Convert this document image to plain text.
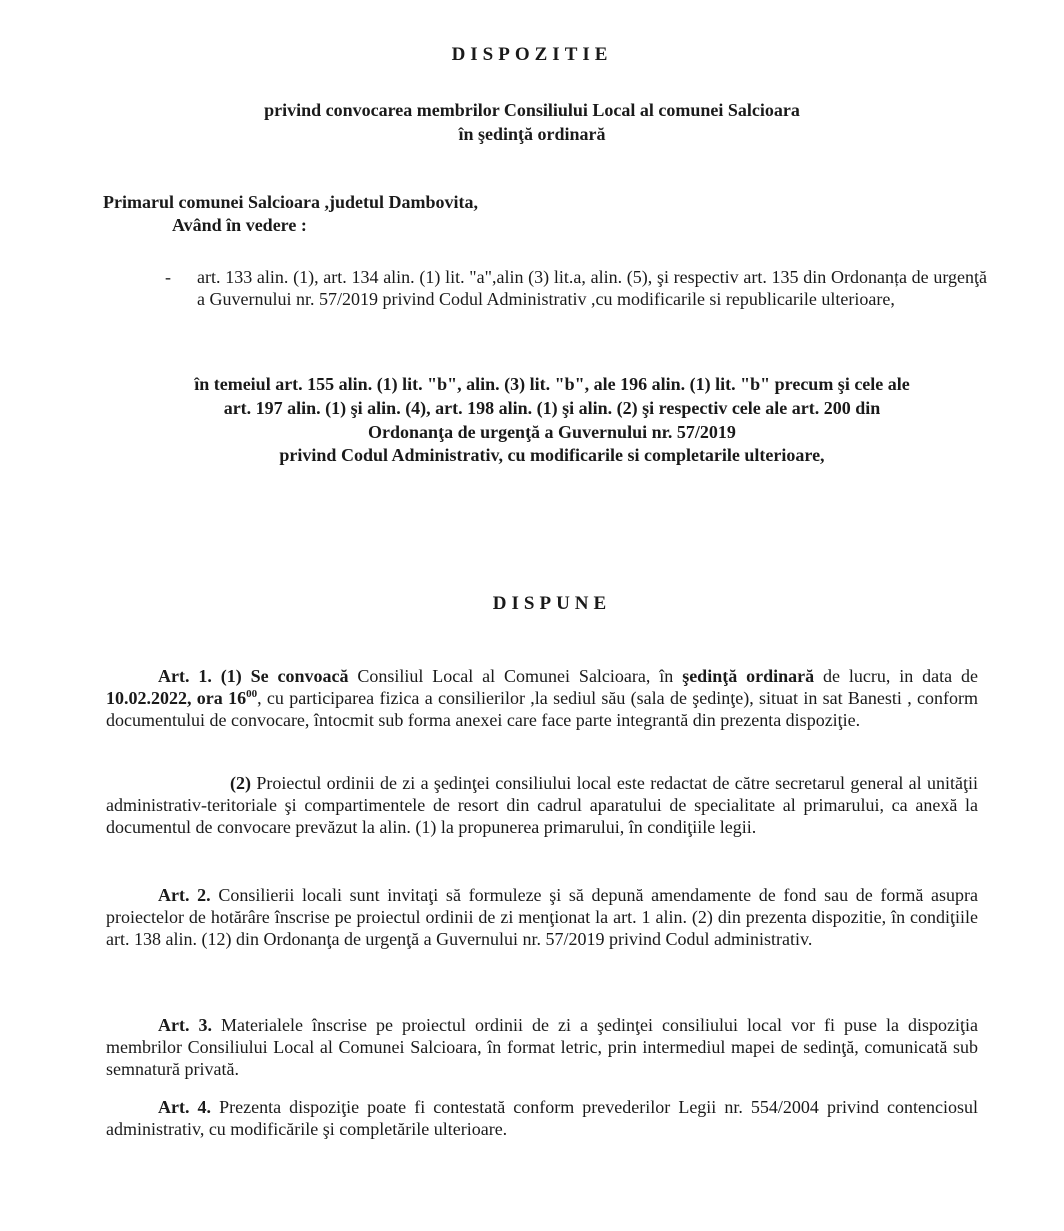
DISPOZITIE
privind convocarea membrilor Consiliului Local al comunei Salcioara
în şedinţă ordinară
Primarul comunei Salcioara ,judetul Dambovita,
Având în vedere :
- art. 133 alin. (1), art. 134 alin. (1) lit. "a",alin (3) lit.a, alin. (5), şi respectiv art. 135 din Ordonanța de urgenţă a Guvernului nr. 57/2019 privind Codul Administrativ ,cu modificarile si republicarile ulterioare,
în temeiul art. 155 alin. (1) lit. "b", alin. (3) lit. "b", ale 196 alin. (1) lit. "b" precum şi cele ale
art. 197 alin. (1) şi alin. (4), art. 198 alin. (1) şi alin. (2) şi respectiv cele ale art. 200 din
Ordonanţa de urgenţă a Guvernului nr. 57/2019
privind Codul Administrativ, cu modificarile si completarile ulterioare,
DISPUNE
Art. 1. (1) Se convoacă Consiliul Local al Comunei Salcioara, în şedinţă ordinară de lucru, in data de 10.02.2022, ora $16^{00}$, cu participarea fizica a consilierilor ,la sediul său (sala de şedinţe), situat in sat Banesti , conform documentului de convocare, întocmit sub forma anexei care face parte integrantă din prezenta dispoziţie.
(2) Proiectul ordinii de zi a şedinţei consiliului local este redactat de către secretarul general al unităţii administrativ-teritoriale şi compartimentele de resort din cadrul aparatului de specialitate al primarului, ca anexă la documentul de convocare prevăzut la alin. (1) la propunerea primarului, în condiţiile legii.
Art. 2. Consilierii locali sunt invitaţi să formuleze şi să depună amendamente de fond sau de formă asupra proiectelor de hotărâre înscrise pe proiectul ordinii de zi menţionat la art. 1 alin. (2) din prezenta dispozitie, în condiţiile art. 138 alin. (12) din Ordonanţa de urgenţă a Guvernului nr. 57/2019 privind Codul administrativ.
Art. 3. Materialele înscrise pe proiectul ordinii de zi a şedinţei consiliului local vor fi puse la dispoziţia membrilor Consiliului Local al Comunei Salcioara, în format letric, prin intermediul mapei de sedinţă, comunicată sub semnatură privată.
Art. 4. Prezenta dispoziţie poate fi contestată conform prevederilor Legii nr. 554/2004 privind contenciosul administrativ, cu modificările şi completările ulterioare.
